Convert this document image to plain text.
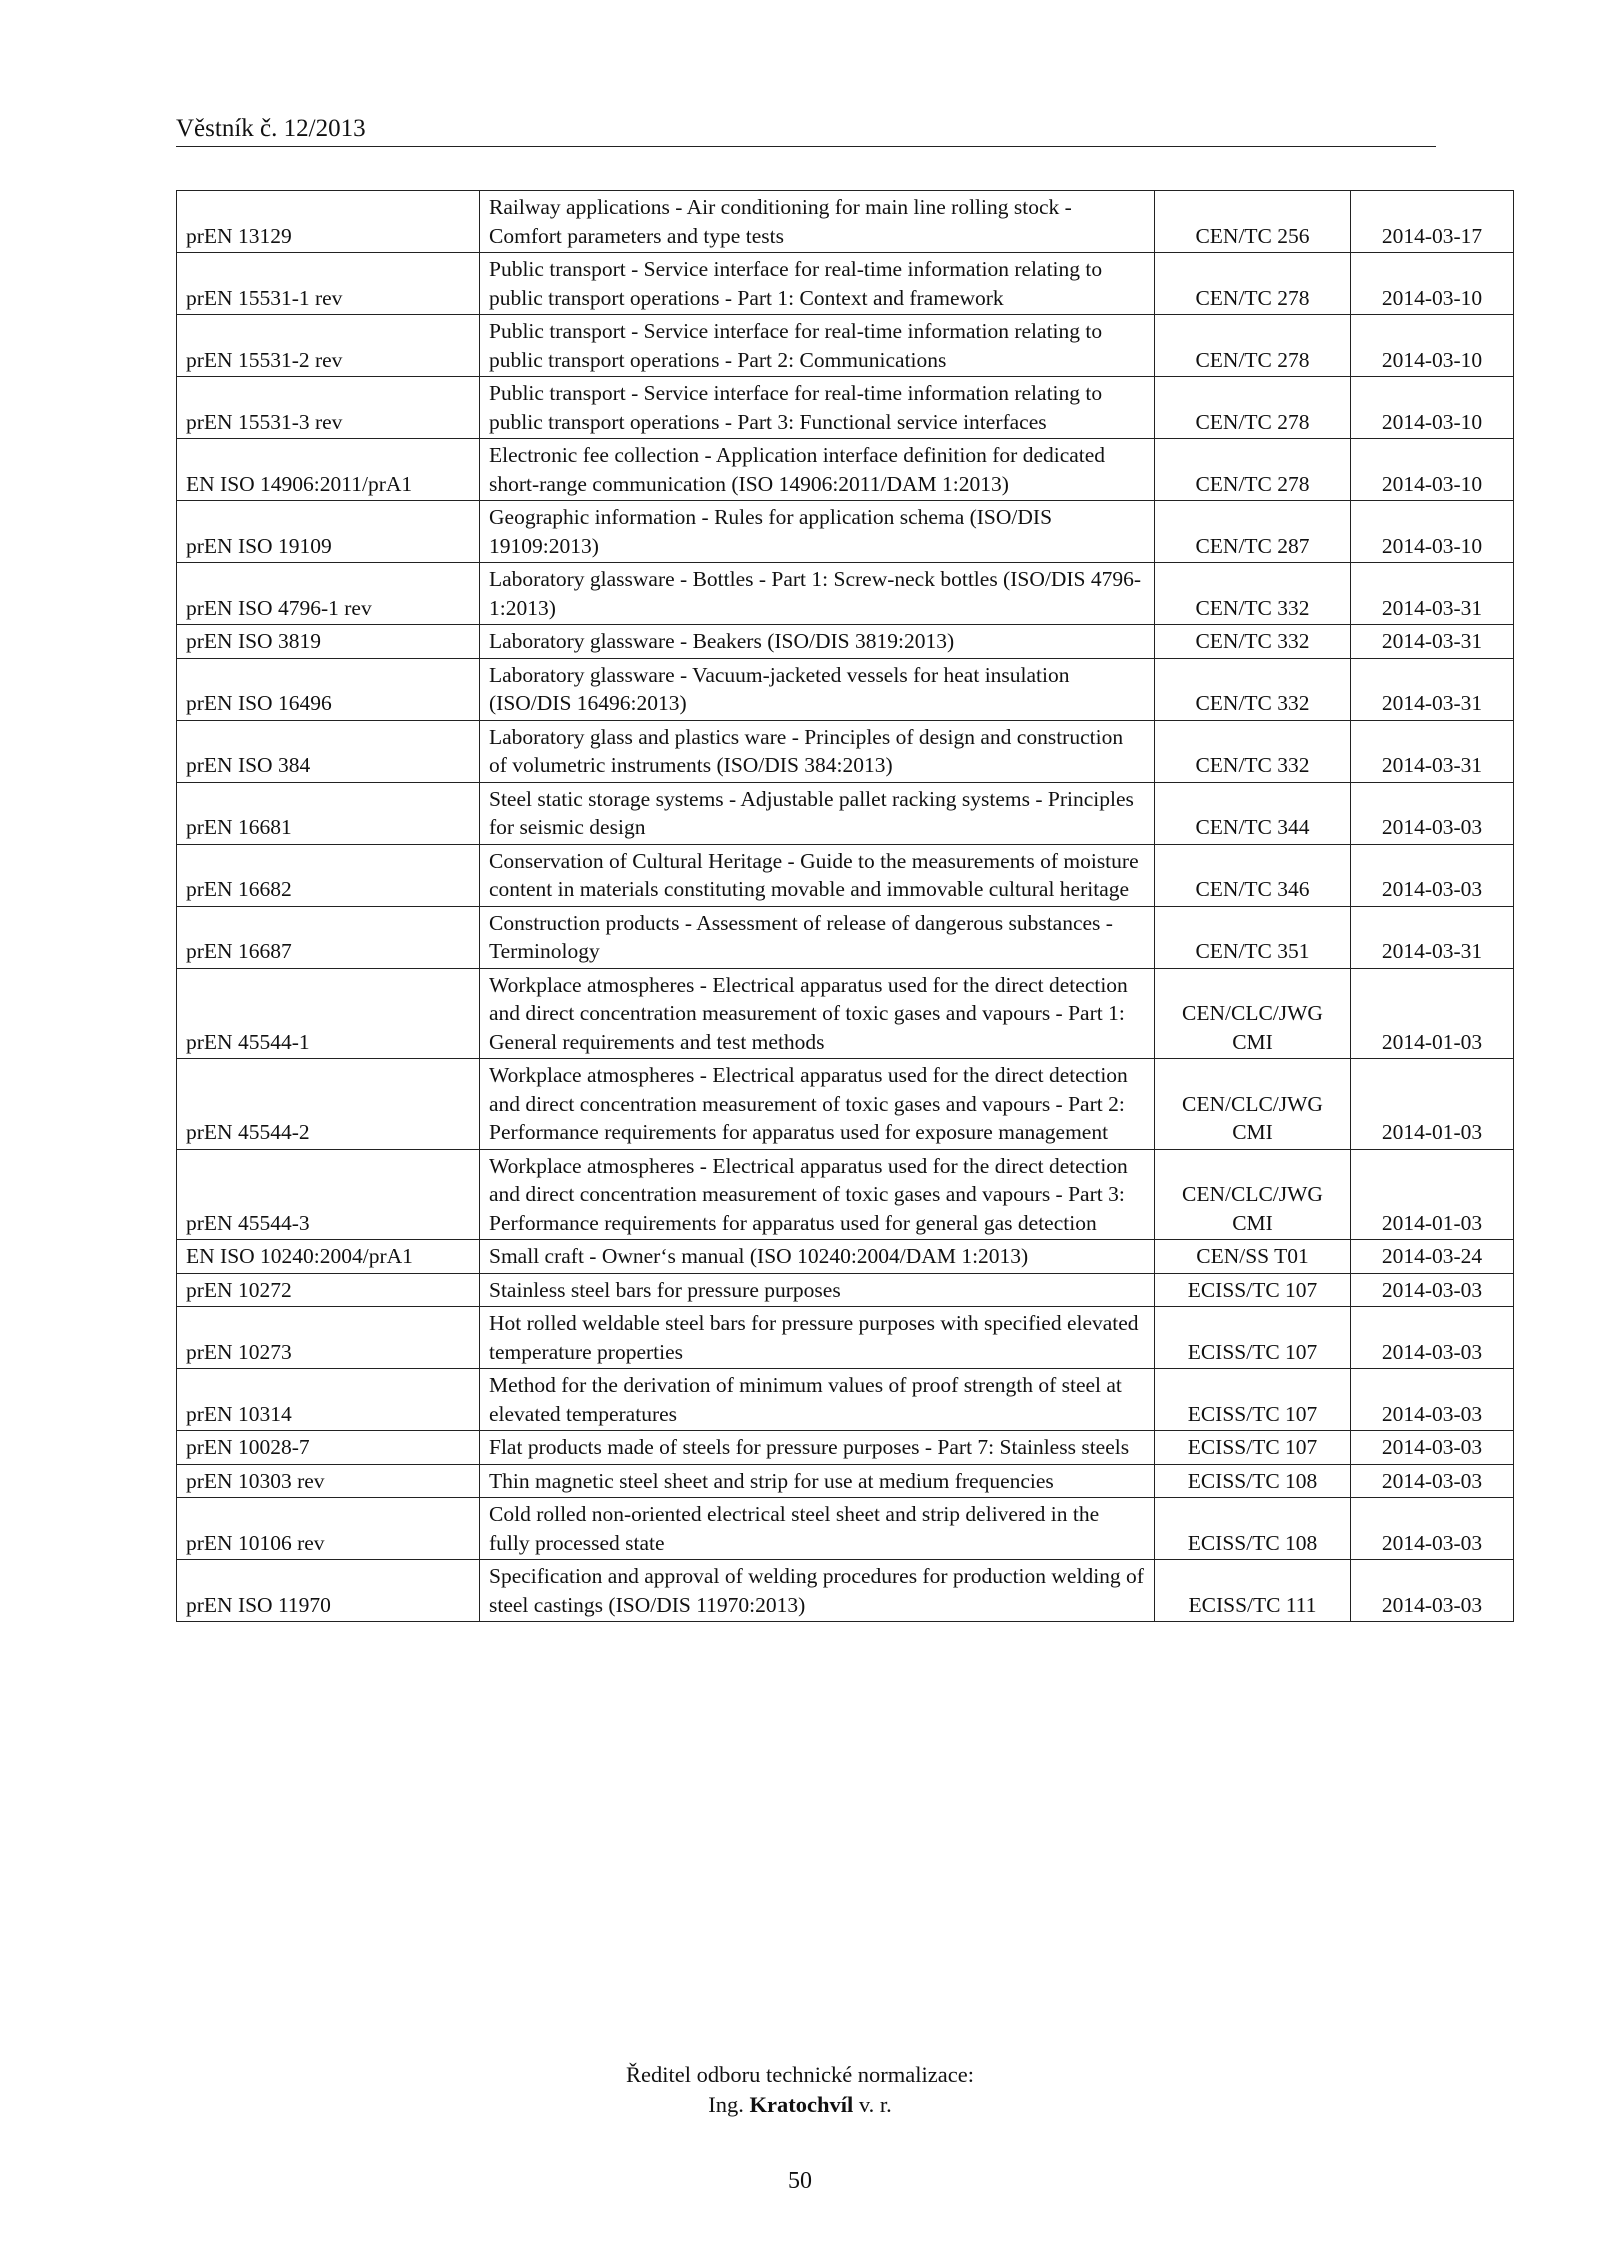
Věstník č. 12/2013
prEN 13129	Railway applications - Air conditioning for main line rolling stock - Comfort parameters and type tests	CEN/TC 256	2014-03-17
prEN 15531-1 rev	Public transport - Service interface for real-time information relating to public transport operations - Part 1: Context and framework	CEN/TC 278	2014-03-10
prEN 15531-2 rev	Public transport - Service interface for real-time information relating to public transport operations - Part 2: Communications	CEN/TC 278	2014-03-10
prEN 15531-3 rev	Public transport - Service interface for real-time information relating to public transport operations - Part 3: Functional service interfaces	CEN/TC 278	2014-03-10
EN ISO 14906:2011/prA1	Electronic fee collection - Application interface definition for dedicated short-range communication (ISO 14906:2011/DAM 1:2013)	CEN/TC 278	2014-03-10
prEN ISO 19109	Geographic information - Rules for application schema (ISO/DIS 19109:2013)	CEN/TC 287	2014-03-10
prEN ISO 4796-1 rev	Laboratory glassware - Bottles - Part 1: Screw-neck bottles (ISO/DIS 4796-1:2013)	CEN/TC 332	2014-03-31
prEN ISO 3819	Laboratory glassware - Beakers (ISO/DIS 3819:2013)	CEN/TC 332	2014-03-31
prEN ISO 16496	Laboratory glassware - Vacuum-jacketed vessels for heat insulation (ISO/DIS 16496:2013)	CEN/TC 332	2014-03-31
prEN ISO 384	Laboratory glass and plastics ware - Principles of design and construction of volumetric instruments (ISO/DIS 384:2013)	CEN/TC 332	2014-03-31
prEN 16681	Steel static storage systems - Adjustable pallet racking systems - Principles for seismic design	CEN/TC 344	2014-03-03
prEN 16682	Conservation of Cultural Heritage - Guide to the measurements of moisture content in materials constituting movable and immovable cultural heritage	CEN/TC 346	2014-03-03
prEN 16687	Construction products - Assessment of release of dangerous substances - Terminology	CEN/TC 351	2014-03-31
prEN 45544-1	Workplace atmospheres - Electrical apparatus used for the direct detection and direct concentration measurement of toxic gases and vapours - Part 1: General requirements and test methods	CEN/CLC/JWG CMI	2014-01-03
prEN 45544-2	Workplace atmospheres - Electrical apparatus used for the direct detection and direct concentration measurement of toxic gases and vapours - Part 2: Performance requirements for apparatus used for exposure management	CEN/CLC/JWG CMI	2014-01-03
prEN 45544-3	Workplace atmospheres - Electrical apparatus used for the direct detection and direct concentration measurement of toxic gases and vapours - Part 3: Performance requirements for apparatus used for general gas detection	CEN/CLC/JWG CMI	2014-01-03
EN ISO 10240:2004/prA1	Small craft - Owner‘s manual (ISO 10240:2004/DAM 1:2013)	CEN/SS T01	2014-03-24
prEN 10272	Stainless steel bars for pressure purposes	ECISS/TC 107	2014-03-03
prEN 10273	Hot rolled weldable steel bars for pressure purposes with specified elevated temperature properties	ECISS/TC 107	2014-03-03
prEN 10314	Method for the derivation of minimum values of proof strength of steel at elevated temperatures	ECISS/TC 107	2014-03-03
prEN 10028-7	Flat products made of steels for pressure purposes - Part 7: Stainless steels	ECISS/TC 107	2014-03-03
prEN 10303 rev	Thin magnetic steel sheet and strip for use at medium frequencies	ECISS/TC 108	2014-03-03
prEN 10106 rev	Cold rolled non-oriented electrical steel sheet and strip delivered in the fully processed state	ECISS/TC 108	2014-03-03
prEN ISO 11970	Specification and approval of welding procedures for production welding of steel castings (ISO/DIS 11970:2013)	ECISS/TC 111	2014-03-03
Ředitel odboru technické normalizace:
Ing. Kratochvíl v. r.
50
